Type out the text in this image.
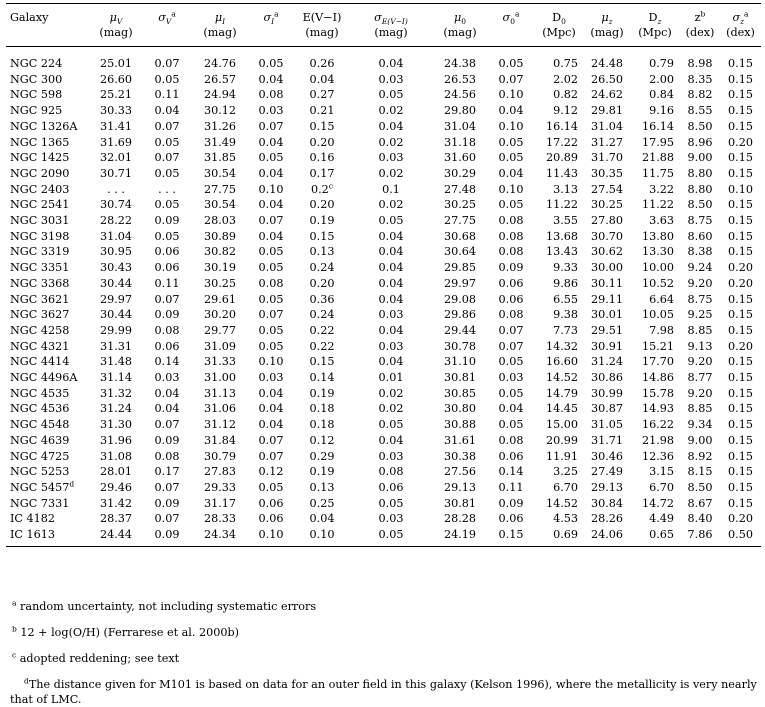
Galaxy	$\mu_V$	$\sigma_V^a$	$\mu_I$	$\sigma_I^a$	E(V−I)	$\sigma_{E(V-I)}$	$\mu_0$	$\sigma_0^a$	$D_0$	$\mu_z$	$D_z$	$z^b$	$\sigma_z^a$
	(mag)		(mag)		(mag)	(mag)	(mag)		(Mpc)	(mag)	(Mpc)	(dex)	(dex)

NGC 224	25.01	0.07	24.76	0.05	0.26	0.04	24.38	0.05	0.75	24.48	0.79	8.98	0.15
NGC 300	26.60	0.05	26.57	0.04	0.04	0.03	26.53	0.07	2.02	26.50	2.00	8.35	0.15
NGC 598	25.21	0.11	24.94	0.08	0.27	0.05	24.56	0.10	0.82	24.62	0.84	8.82	0.15
NGC 925	30.33	0.04	30.12	0.03	0.21	0.02	29.80	0.04	9.12	29.81	9.16	8.55	0.15
NGC 1326A	31.41	0.07	31.26	0.07	0.15	0.04	31.04	0.10	16.14	31.04	16.14	8.50	0.15
NGC 1365	31.69	0.05	31.49	0.04	0.20	0.02	31.18	0.05	17.22	31.27	17.95	8.96	0.20
NGC 1425	32.01	0.07	31.85	0.05	0.16	0.03	31.60	0.05	20.89	31.70	21.88	9.00	0.15
NGC 2090	30.71	0.05	30.54	0.04	0.17	0.02	30.29	0.04	11.43	30.35	11.75	8.80	0.15
NGC 2403	. . .	. . .	27.75	0.10	0.2$^c$	0.1	27.48	0.10	3.13	27.54	3.22	8.80	0.10
NGC 2541	30.74	0.05	30.54	0.04	0.20	0.02	30.25	0.05	11.22	30.25	11.22	8.50	0.15
NGC 3031	28.22	0.09	28.03	0.07	0.19	0.05	27.75	0.08	3.55	27.80	3.63	8.75	0.15
NGC 3198	31.04	0.05	30.89	0.04	0.15	0.04	30.68	0.08	13.68	30.70	13.80	8.60	0.15
NGC 3319	30.95	0.06	30.82	0.05	0.13	0.04	30.64	0.08	13.43	30.62	13.30	8.38	0.15
NGC 3351	30.43	0.06	30.19	0.05	0.24	0.04	29.85	0.09	9.33	30.00	10.00	9.24	0.20
NGC 3368	30.44	0.11	30.25	0.08	0.20	0.04	29.97	0.06	9.86	30.11	10.52	9.20	0.20
NGC 3621	29.97	0.07	29.61	0.05	0.36	0.04	29.08	0.06	6.55	29.11	6.64	8.75	0.15
NGC 3627	30.44	0.09	30.20	0.07	0.24	0.03	29.86	0.08	9.38	30.01	10.05	9.25	0.15
NGC 4258	29.99	0.08	29.77	0.05	0.22	0.04	29.44	0.07	7.73	29.51	7.98	8.85	0.15
NGC 4321	31.31	0.06	31.09	0.05	0.22	0.03	30.78	0.07	14.32	30.91	15.21	9.13	0.20
NGC 4414	31.48	0.14	31.33	0.10	0.15	0.04	31.10	0.05	16.60	31.24	17.70	9.20	0.15
NGC 4496A	31.14	0.03	31.00	0.03	0.14	0.01	30.81	0.03	14.52	30.86	14.86	8.77	0.15
NGC 4535	31.32	0.04	31.13	0.04	0.19	0.02	30.85	0.05	14.79	30.99	15.78	9.20	0.15
NGC 4536	31.24	0.04	31.06	0.04	0.18	0.02	30.80	0.04	14.45	30.87	14.93	8.85	0.15
NGC 4548	31.30	0.07	31.12	0.04	0.18	0.05	30.88	0.05	15.00	31.05	16.22	9.34	0.15
NGC 4639	31.96	0.09	31.84	0.07	0.12	0.04	31.61	0.08	20.99	31.71	21.98	9.00	0.15
NGC 4725	31.08	0.08	30.79	0.07	0.29	0.03	30.38	0.06	11.91	30.46	12.36	8.92	0.15
NGC 5253	28.01	0.17	27.83	0.12	0.19	0.08	27.56	0.14	3.25	27.49	3.15	8.15	0.15
NGC 5457$^d$	29.46	0.07	29.33	0.05	0.13	0.06	29.13	0.11	6.70	29.13	6.70	8.50	0.15
NGC 7331	31.42	0.09	31.17	0.06	0.25	0.05	30.81	0.09	14.52	30.84	14.72	8.67	0.15
IC 4182	28.37	0.07	28.33	0.06	0.04	0.03	28.28	0.06	4.53	28.26	4.49	8.40	0.20
IC 1613	24.44	0.09	24.34	0.10	0.10	0.05	24.19	0.15	0.69	24.06	0.65	7.86	0.50

$^a$ random uncertainty, not including systematic errors
$^b$ 12 + log(O/H) (Ferrarese et al. 2000b)
$^c$ adopted reddening; see text
$^d$The distance given for M101 is based on data for an outer field in this galaxy (Kelson 1996), where the metallicity is very nearly that of LMC.
